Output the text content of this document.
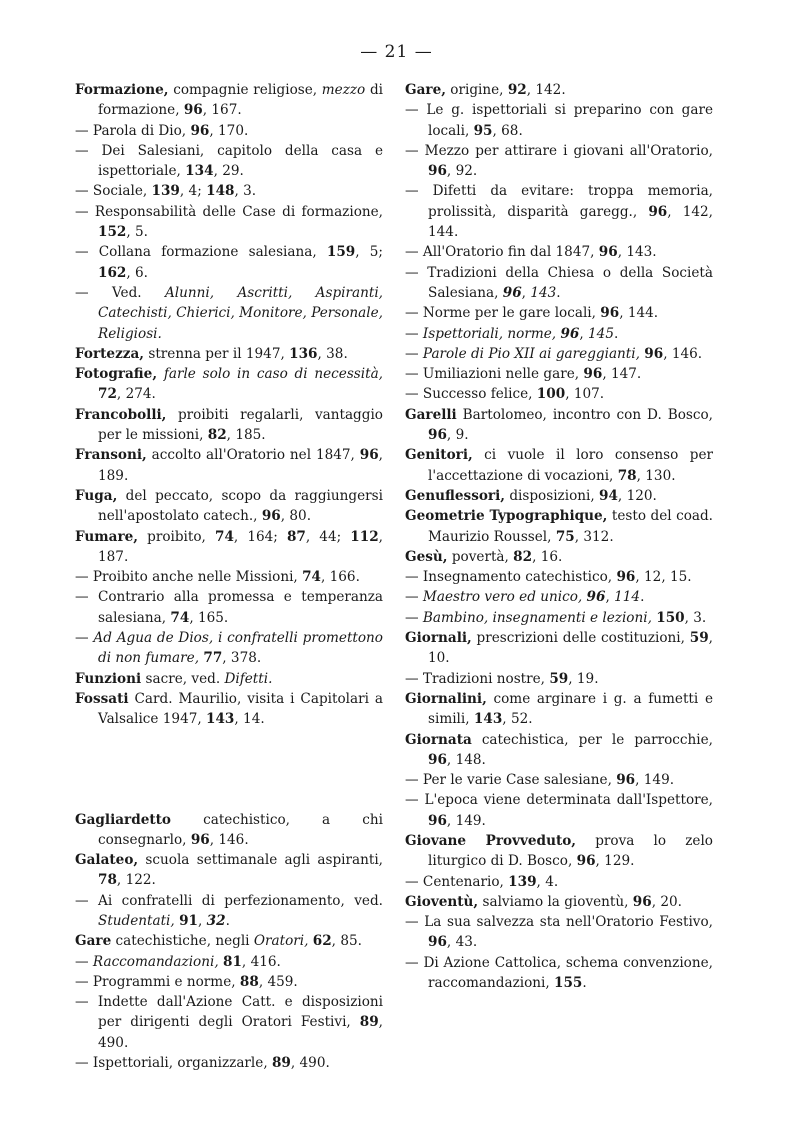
— 21 —

Formazione, compagnie religiose, mezzo di formazione, 96, 167.

— Parola di Dio, 96, 170.

— Dei Salesiani, capitolo della casa e ispettoriale, 134, 29.

— Sociale, 139, 4; 148, 3.

— Responsabilità delle Case di formazione, 152, 5.

— Collana formazione salesiana, 159, 5; 162, 6.

— Ved. Alunni, Ascritti, Aspiranti, Catechisti, Chierici, Monitore, Personale, Religiosi.

Fortezza, strenna per il 1947, 136, 38.

Fotografie, farle solo in caso di necessità, 72, 274.

Francobolli, proibiti regalarli, vantaggio per le missioni, 82, 185.

Fransoni, accolto all'Oratorio nel 1847, 96, 189.

Fuga, del peccato, scopo da raggiungersi nell'apostolato catech., 96, 80.

Fumare, proibito, 74, 164; 87, 44; 112, 187.

— Proibito anche nelle Missioni, 74, 166.

— Contrario alla promessa e temperanza salesiana, 74, 165.

— Ad Agua de Dios, i confratelli promettono di non fumare, 77, 378.

Funzioni sacre, ved. Difetti.

Fossati Card. Maurilio, visita i Capitolari a Valsalice 1947, 143, 14.

Gagliardetto catechistico, a chi consegnarlo, 96, 146.

Galateo, scuola settimanale agli aspiranti, 78, 122.

— Ai confratelli di perfezionamento, ved. Studentati, 91, 32.

Gare catechistiche, negli Oratori, 62, 85.

— Raccomandazioni, 81, 416.

— Programmi e norme, 88, 459.

— Indette dall'Azione Catt. e disposizioni per dirigenti degli Oratori Festivi, 89, 490.

— Ispettoriali, organizzarle, 89, 490.

Gare, origine, 92, 142.

— Le g. ispettoriali si preparino con gare locali, 95, 68.

— Mezzo per attirare i giovani all'Oratorio, 96, 92.

— Difetti da evitare: troppa memoria, prolissità, disparità garegg., 96, 142, 144.

— All'Oratorio fin dal 1847, 96, 143.

— Tradizioni della Chiesa o della Società Salesiana, 96, 143.

— Norme per le gare locali, 96, 144.

— Ispettoriali, norme, 96, 145.

— Parole di Pio XII ai gareggianti, 96, 146.

— Umiliazioni nelle gare, 96, 147.

— Successo felice, 100, 107.

Garelli Bartolomeo, incontro con D. Bosco, 96, 9.

Genitori, ci vuole il loro consenso per l'accettazione di vocazioni, 78, 130.

Genuflessori, disposizioni, 94, 120.

Geometrie Typographique, testo del coad. Maurizio Roussel, 75, 312.

Gesù, povertà, 82, 16.

— Insegnamento catechistico, 96, 12, 15.

— Maestro vero ed unico, 96, 114.

— Bambino, insegnamenti e lezioni, 150, 3.

Giornali, prescrizioni delle costituzioni, 59, 10.

— Tradizioni nostre, 59, 19.

Giornalini, come arginare i g. a fumetti e simili, 143, 52.

Giornata catechistica, per le parrocchie, 96, 148.

— Per le varie Case salesiane, 96, 149.

— L'epoca viene determinata dall'Ispettore, 96, 149.

Giovane Provveduto, prova lo zelo liturgico di D. Bosco, 96, 129.

— Centenario, 139, 4.

Gioventù, salviamo la gioventù, 96, 20.

— La sua salvezza sta nell'Oratorio Festivo, 96, 43.

— Di Azione Cattolica, schema convenzione, raccomandazioni, 155.
